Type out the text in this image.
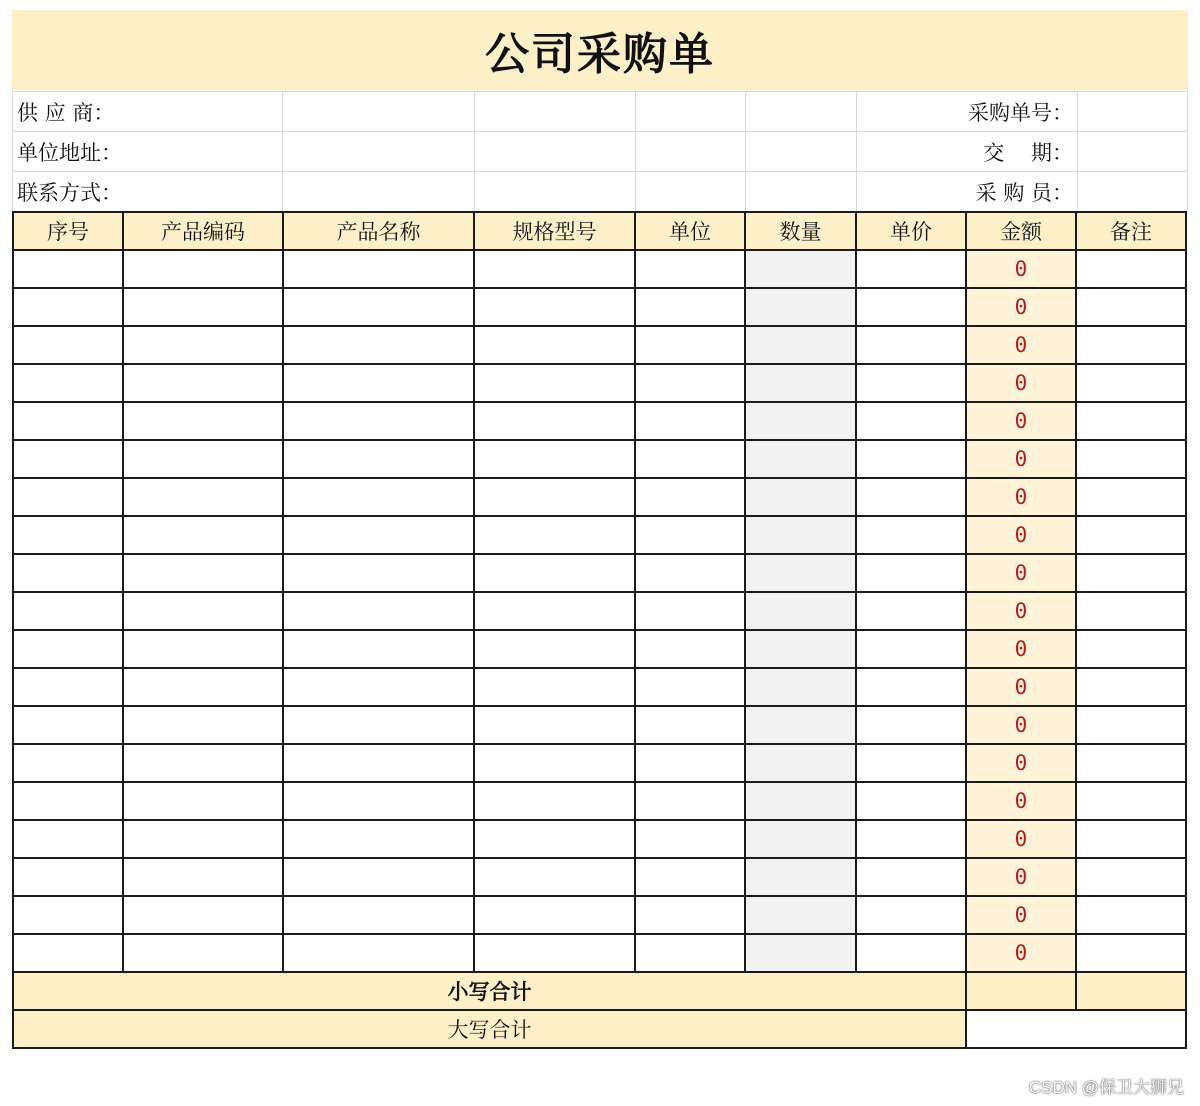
公司采购单
供 应 商：					采购单号：	
单位地址：					交    期：	
联系方式：					采 购 员：	
序号	产品编码	产品名称	规格型号	单位	数量	单价	金额	备注
							0	
							0	
							0	
							0	
							0	
							0	
							0	
							0	
							0	
							0	
							0	
							0	
							0	
							0	
							0	
							0	
							0	
							0	
							0	
小写合计								
大写合计								
CSDN @保卫大狮兄
